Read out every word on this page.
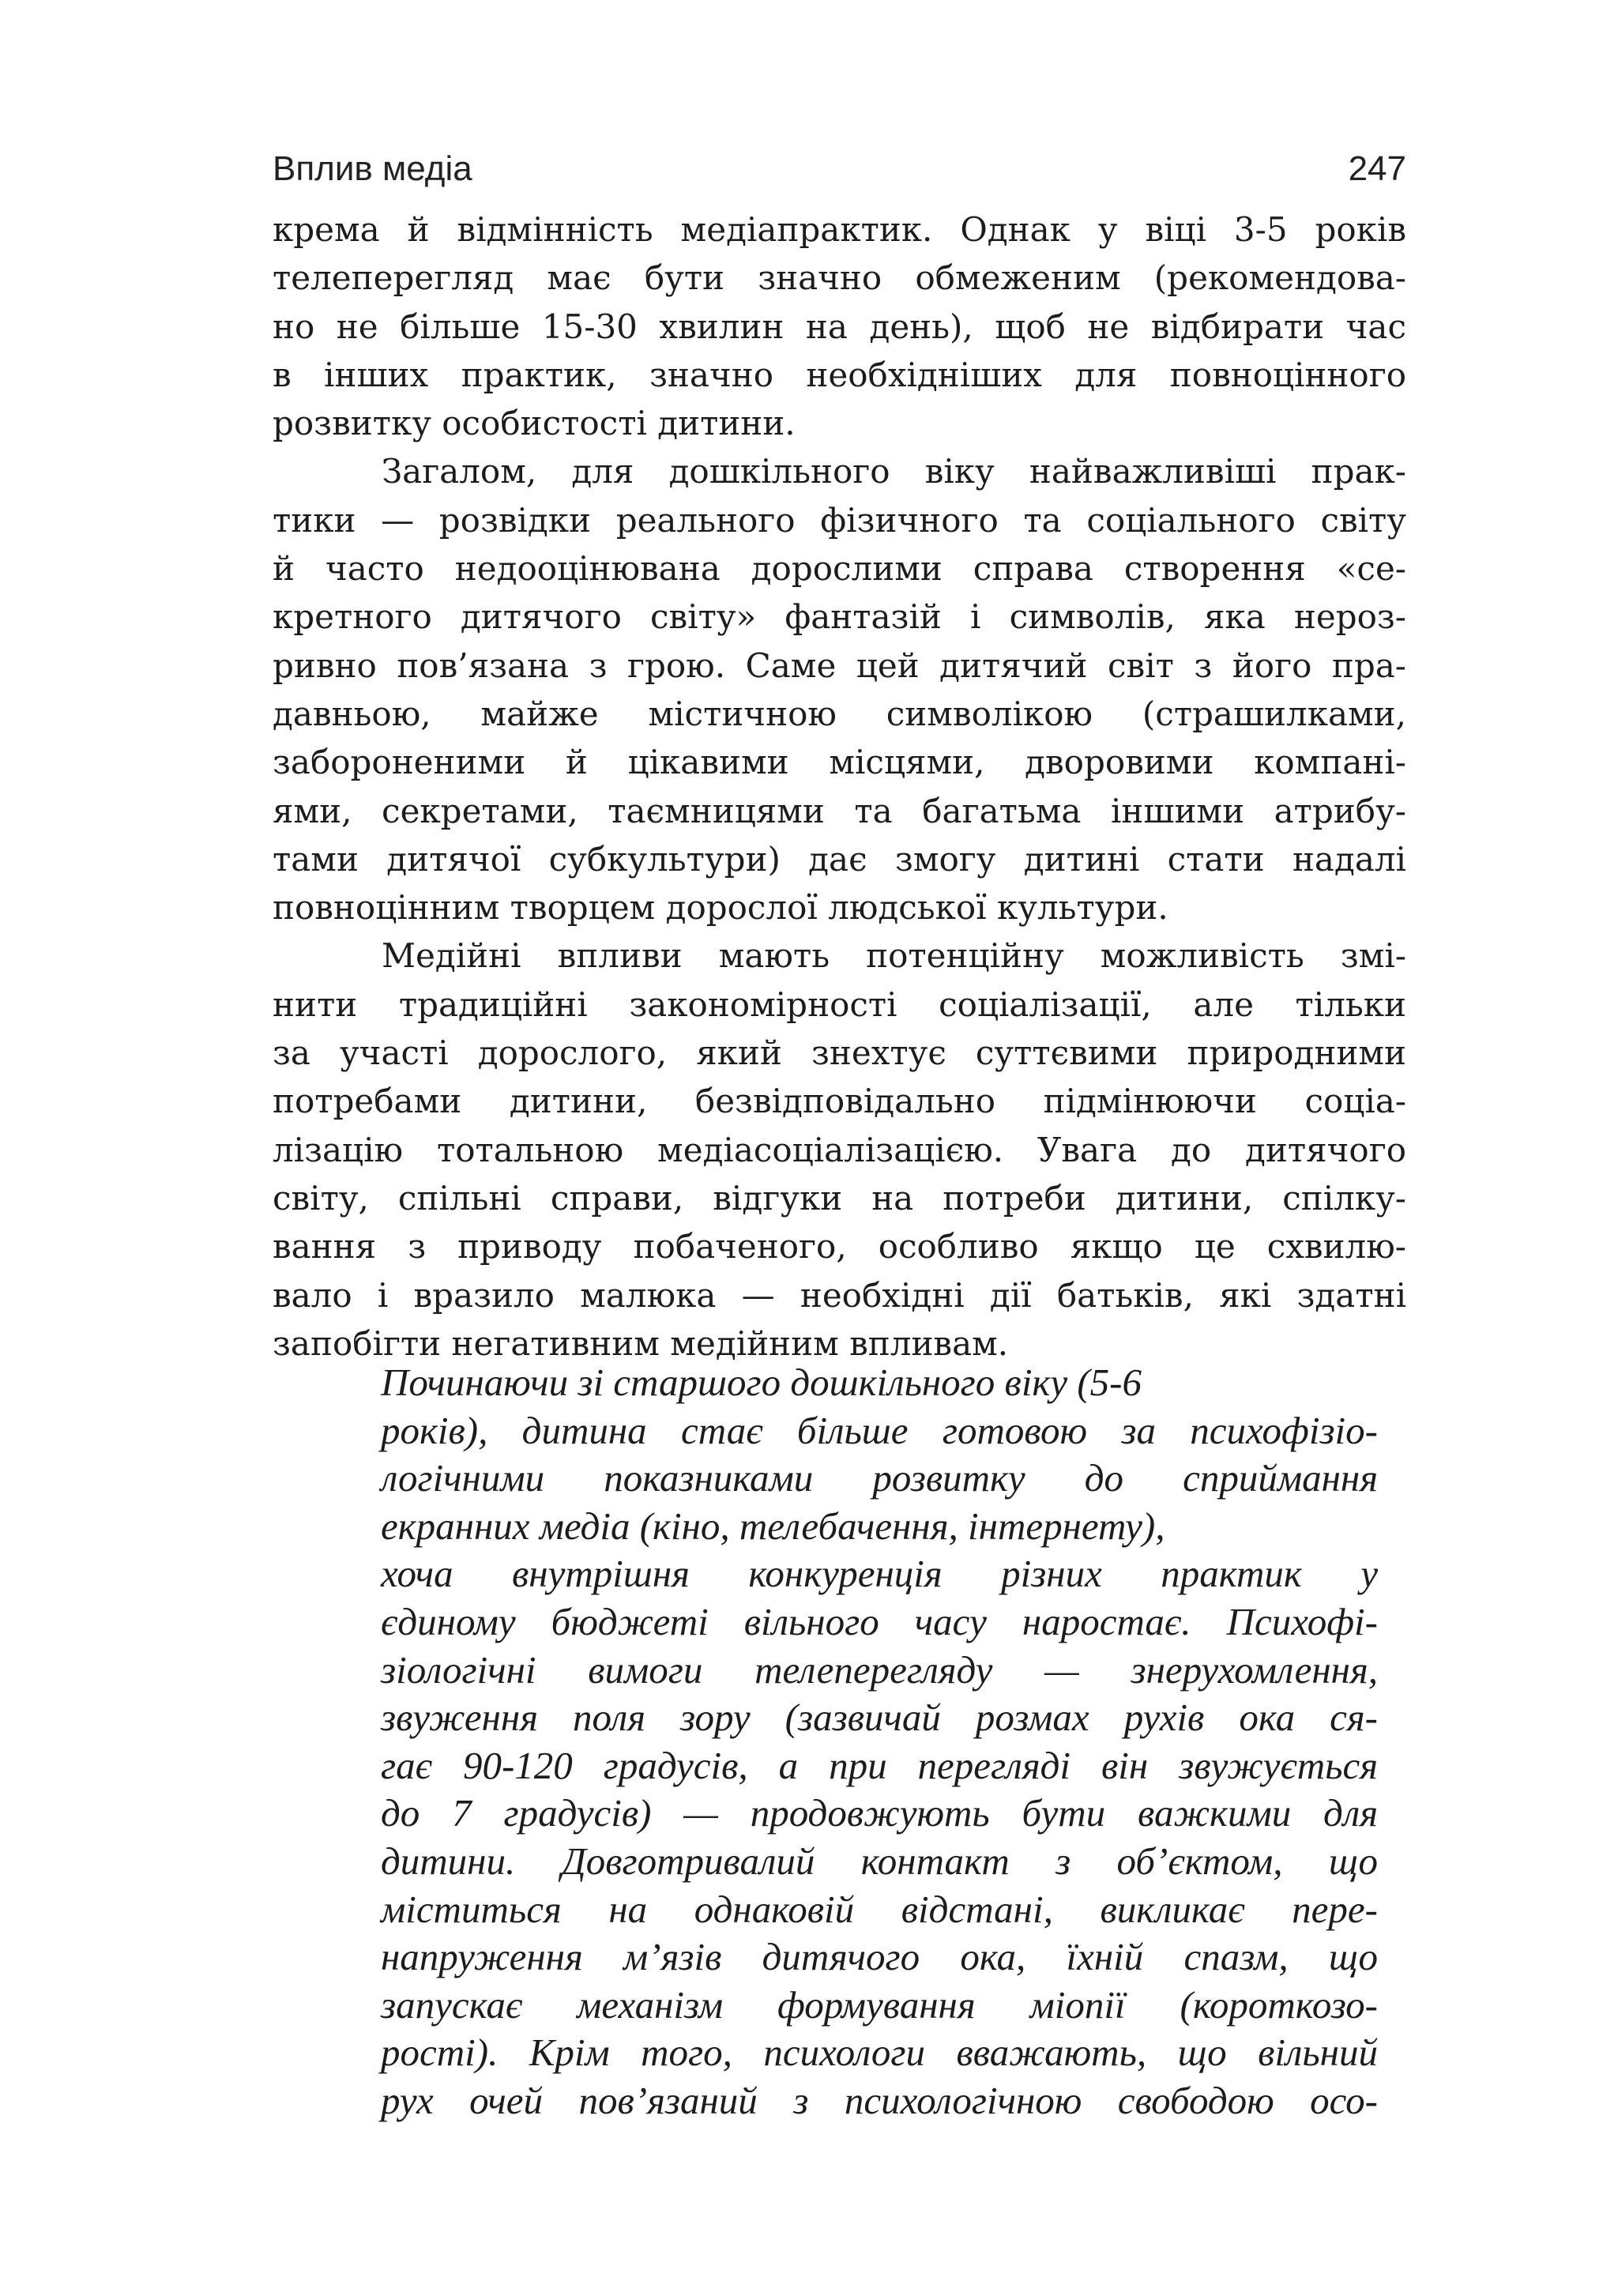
Вплив медіа	247
крема й відмінність медіапрактик. Однак у віці 3-5 років
телеперегляд має бути значно обмеженим (рекомендова-
но не більше 15-30 хвилин на день), щоб не відбирати час
в інших практик, значно необхідніших для повноцінного
розвитку особистості дитини.
Загалом, для дошкільного віку найважливіші прак-
тики — розвідки реального фізичного та соціального світу
й часто недооцінювана дорослими справа створення «се-
кретного дитячого світу» фантазій і символів, яка нероз-
ривно пов’язана з грою. Саме цей дитячий світ з його пра-
давньою, майже містичною символікою (страшилками,
забороненими й цікавими місцями, дворовими компані-
ями, секретами, таємницями та багатьма іншими атрибу-
тами дитячої субкультури) дає змогу дитині стати надалі
повноцінним творцем дорослої людської культури.
Медійні впливи мають потенційну можливість змі-
нити традиційні закономірності соціалізації, але тільки
за участі дорослого, який знехтує суттєвими природними
потребами дитини, безвідповідально підмінюючи соціа-
лізацію тотальною медіасоціалізацією. Увага до дитячого
світу, спільні справи, відгуки на потреби дитини, спілку-
вання з приводу побаченого, особливо якщо це схвилю-
вало і вразило малюка — необхідні дії батьків, які здатні
запобігти негативним медійним впливам.
Починаючи зі старшого дошкільного віку (5-6
років), дитина стає більше готовою за психофізіо-
логічними показниками розвитку до сприймання
екранних медіа (кіно, телебачення, інтернету),
хоча внутрішня конкуренція різних практик у
єдиному бюджеті вільного часу наростає. Психофі-
зіологічні вимоги телеперегляду — знерухомлення,
звуження поля зору (зазвичай розмах рухів ока ся-
гає 90-120 градусів, а при перегляді він звужується
до 7 градусів) — продовжують бути важкими для
дитини. Довготривалий контакт з об’єктом, що
міститься на однаковій відстані, викликає пере-
напруження м’язів дитячого ока, їхній спазм, що
запускає механізм формування міопії (короткозо-
рості). Крім того, психологи вважають, що вільний
рух очей пов’язаний з психологічною свободою осо-
